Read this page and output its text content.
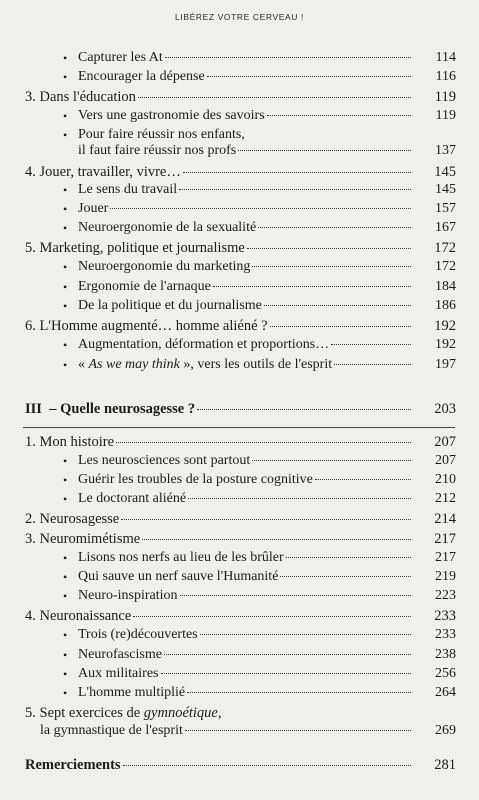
LIBÉREZ VOTRE CERVEAU !
• Capturer les At	114
• Encourager la dépense	116
3. Dans l'éducation	119
• Vers une gastronomie des savoirs	119
• Pour faire réussir nos enfants,
il faut faire réussir nos profs	137
4. Jouer, travailler, vivre…	145
• Le sens du travail	145
• Jouer	157
• Neuroergonomie de la sexualité	167
5. Marketing, politique et journalisme	172
• Neuroergonomie du marketing	172
• Ergonomie de l'arnaque	184
• De la politique et du journalisme	186
6. L'Homme augmenté… homme aliéné ?	192
• Augmentation, déformation et proportions…	192
• « As we may think », vers les outils de l'esprit	197
III – Quelle neurosagesse ?	203
1. Mon histoire	207
• Les neurosciences sont partout	207
• Guérir les troubles de la posture cognitive	210
• Le doctorant aliéné	212
2. Neurosagesse	214
3. Neuromimétisme	217
• Lisons nos nerfs au lieu de les brûler	217
• Qui sauve un nerf sauve l'Humanité	219
• Neuro-inspiration	223
4. Neuronaissance	233
• Trois (re)découvertes	233
• Neurofascisme	238
• Aux militaires	256
• L'homme multiplié	264
5. Sept exercices de gymnoétique,
la gymnastique de l'esprit	269
Remerciements	281
